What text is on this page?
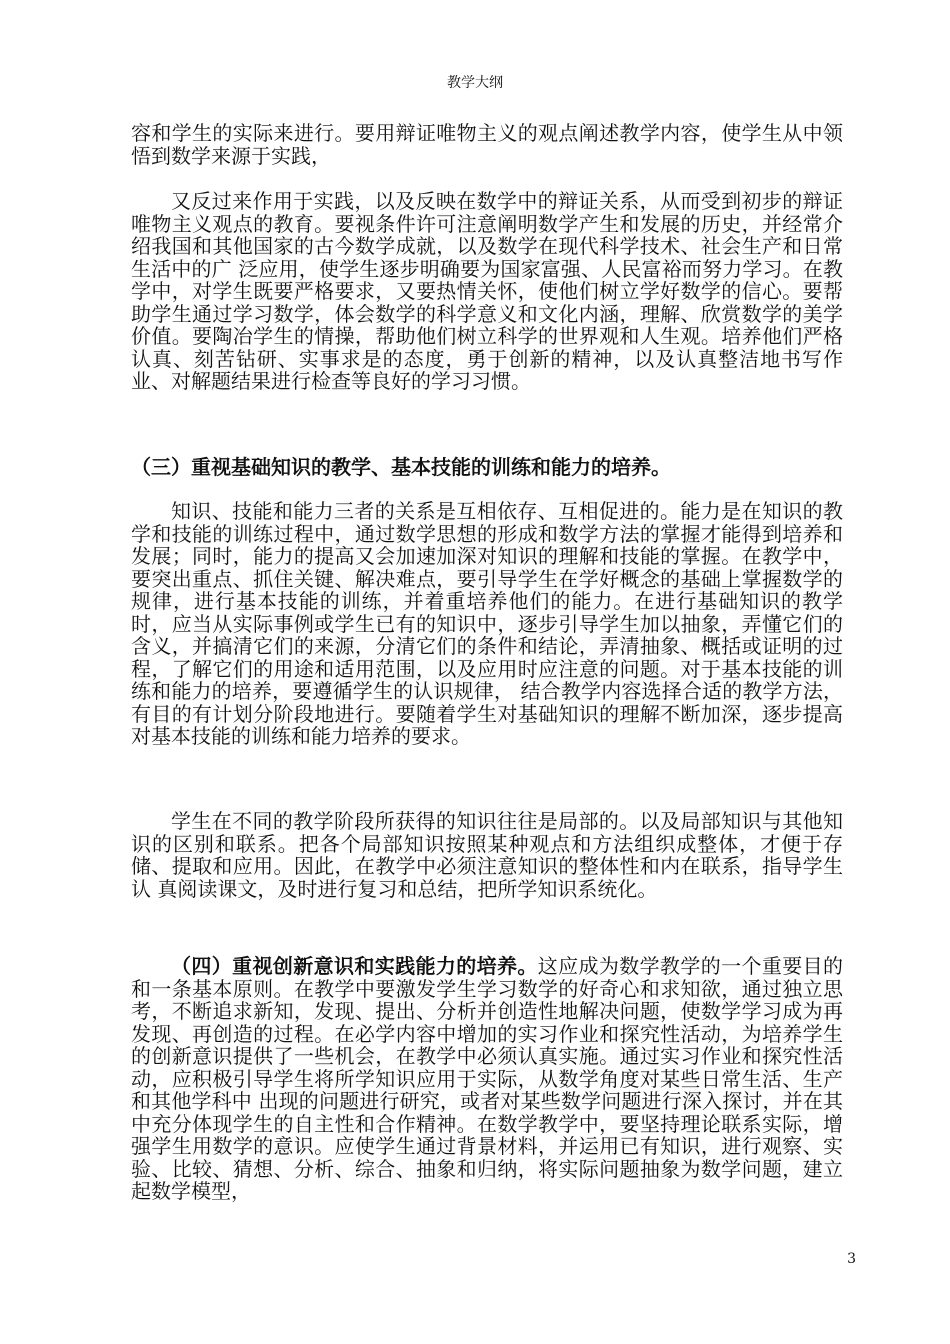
教学大纲

容和学生的实际来进行。要用辩证唯物主义的观点阐述教学内容，使学生从中领悟到数学来源于实践，

又反过来作用于实践，以及反映在数学中的辩证关系，从而受到初步的辩证唯物主义观点的教育。要视条件许可注意阐明数学产生和发展的历史，并经常介绍我国和其他国家的古今数学成就，以及数学在现代科学技术、社会生产和日常生活中的广 泛应用，使学生逐步明确要为国家富强、人民富裕而努力学习。在教学中，对学生既要严格要求，又要热情关怀，使他们树立学好数学的信心。要帮助学生通过学习数学，体会数学的科学意义和文化内涵，理解、欣赏数学的美学价值。要陶冶学生的情操，帮助他们树立科学的世界观和人生观。培养他们严格认真、刻苦钻研、实事求是的态度，勇于创新的精神，以及认真整洁地书写作业、对解题结果进行检查等良好的学习习惯。

（三）重视基础知识的教学、基本技能的训练和能力的培养。

知识、技能和能力三者的关系是互相依存、互相促进的。能力是在知识的教学和技能的训练过程中，通过数学思想的形成和数学方法的掌握才能得到培养和发展；同时，能力的提高又会加速加深对知识的理解和技能的掌握。在教学中，要突出重点、抓住关键、解决难点，要引导学生在学好概念的基础上掌握数学的规律，进行基本技能的训练，并着重培养他们的能力。在进行基础知识的教学时，应当从实际事例或学生已有的知识中，逐步引导学生加以抽象，弄懂它们的含义，并搞清它们的来源，分清它们的条件和结论，弄清抽象、概括或证明的过程，了解它们的用途和适用范围，以及应用时应注意的问题。对于基本技能的训练和能力的培养，要遵循学生的认识规律， 结合教学内容选择合适的教学方法，有目的有计划分阶段地进行。要随着学生对基础知识的理解不断加深，逐步提高对基本技能的训练和能力培养的要求。

学生在不同的教学阶段所获得的知识往往是局部的。以及局部知识与其他知识的区别和联系。把各个局部知识按照某种观点和方法组织成整体，才便于存储、提取和应用。因此，在教学中必须注意知识的整体性和内在联系，指导学生认 真阅读课文，及时进行复习和总结，把所学知识系统化。

（四）重视创新意识和实践能力的培养。这应成为数学教学的一个重要目的和一条基本原则。在教学中要激发学生学习数学的好奇心和求知欲，通过独立思考，不断追求新知，发现、提出、分析并创造性地解决问题，使数学学习成为再发现、再创造的过程。在必学内容中增加的实习作业和探究性活动，为培养学生的创新意识提供了一些机会，在教学中必须认真实施。通过实习作业和探究性活动，应积极引导学生将所学知识应用于实际，从数学角度对某些日常生活、生产和其他学科中 出现的问题进行研究，或者对某些数学问题进行深入探讨，并在其中充分体现学生的自主性和合作精神。在数学教学中，要坚持理论联系实际，增强学生用数学的意识。应使学生通过背景材料，并运用已有知识，进行观察、实验、比较、猜想、分析、综合、抽象和归纳，将实际问题抽象为数学问题，建立起数学模型，

3
